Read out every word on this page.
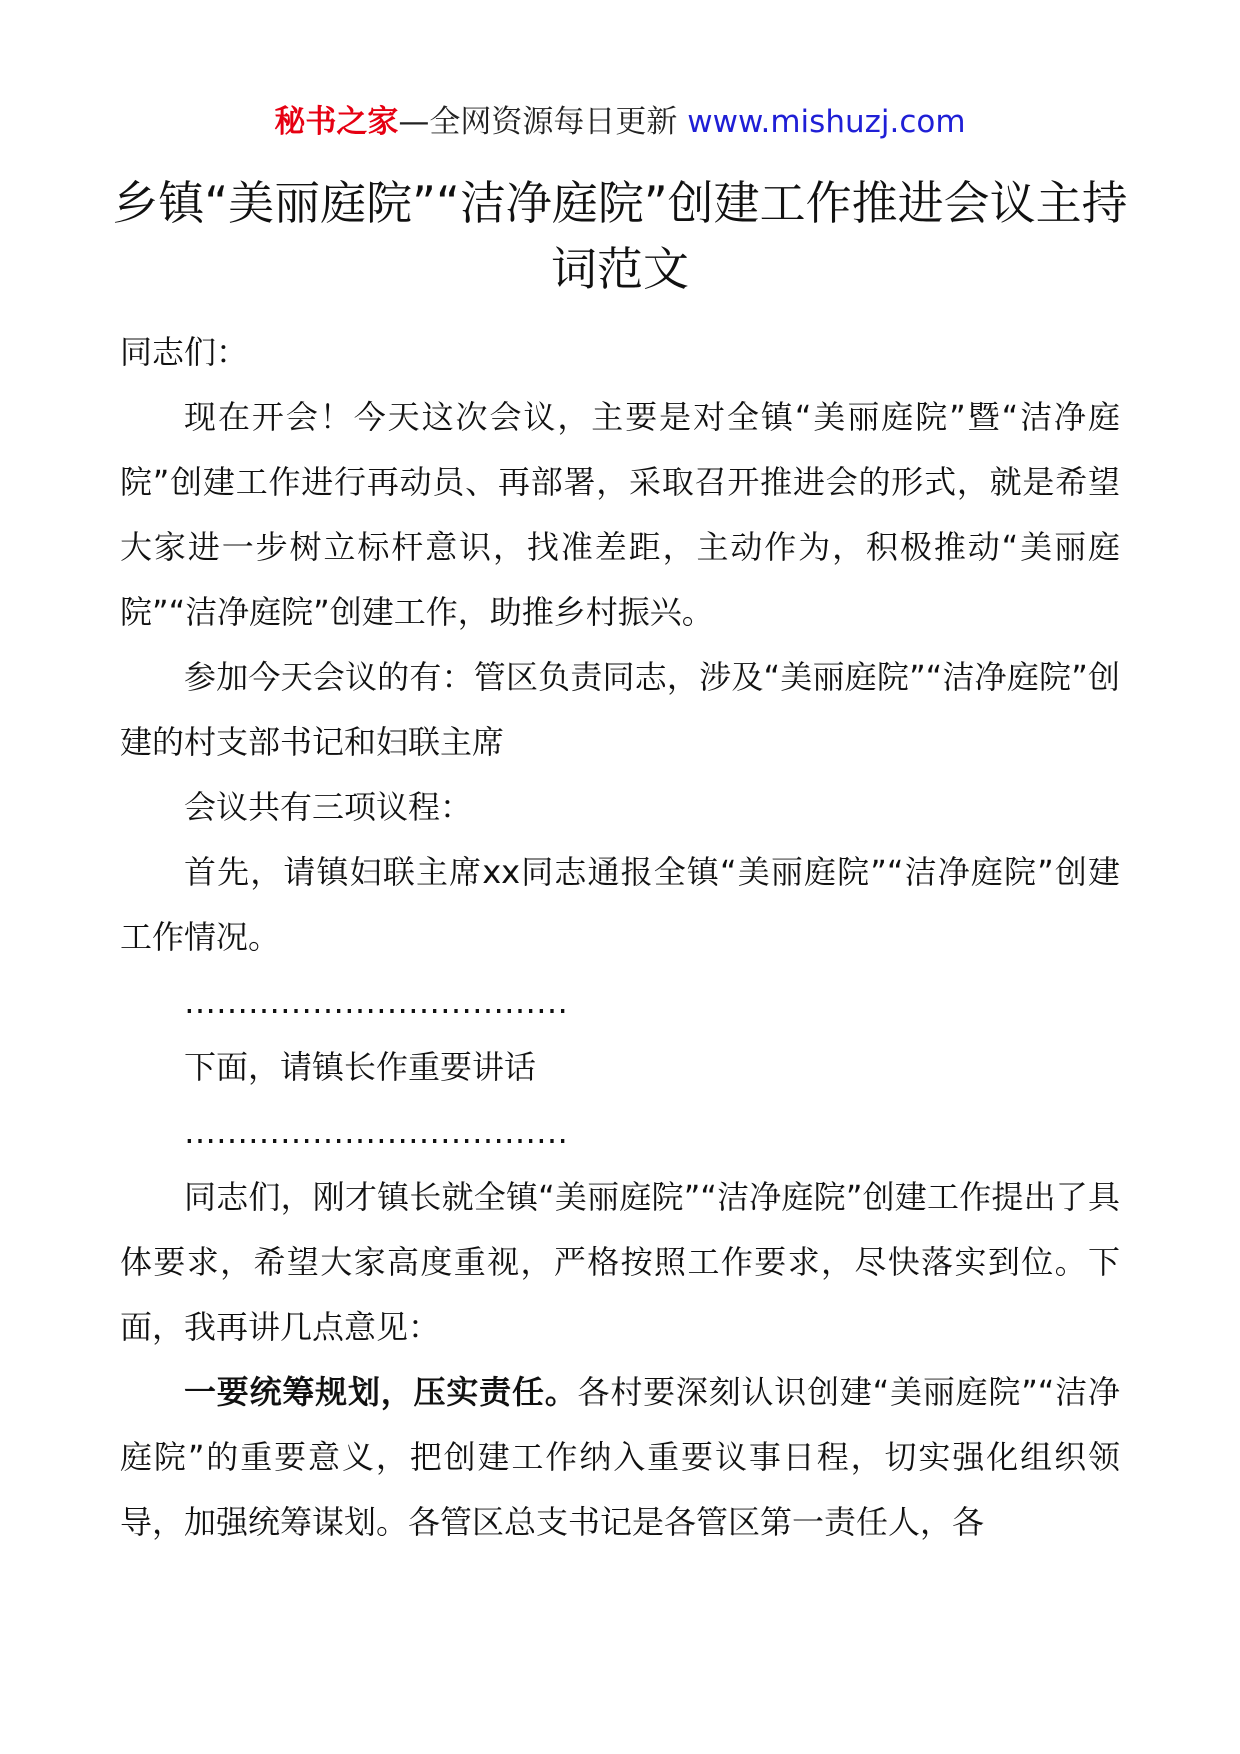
秘书之家—全网资源每日更新 www.mishuzj.com
乡镇“美丽庭院”“洁净庭院”创建工作推进会议主持词范文

同志们：

现在开会！今天这次会议，主要是对全镇“美丽庭院”暨“洁净庭院”创建工作进行再动员、再部署，采取召开推进会的形式，就是希望大家进一步树立标杆意识，找准差距，主动作为，积极推动“美丽庭院”“洁净庭院”创建工作，助推乡村振兴。

参加今天会议的有：管区负责同志，涉及“美丽庭院”“洁净庭院”创建的村支部书记和妇联主席

会议共有三项议程：

首先，请镇妇联主席xx同志通报全镇“美丽庭院”“洁净庭院”创建工作情况。

………………………………

下面，请镇长作重要讲话

………………………………

同志们，刚才镇长就全镇“美丽庭院”“洁净庭院”创建工作提出了具体要求，希望大家高度重视，严格按照工作要求，尽快落实到位。下面，我再讲几点意见：

一要统筹规划，压实责任。各村要深刻认识创建“美丽庭院”“洁净庭院”的重要意义，把创建工作纳入重要议事日程，切实强化组织领导，加强统筹谋划。各管区总支书记是各管区第一责任人，各
